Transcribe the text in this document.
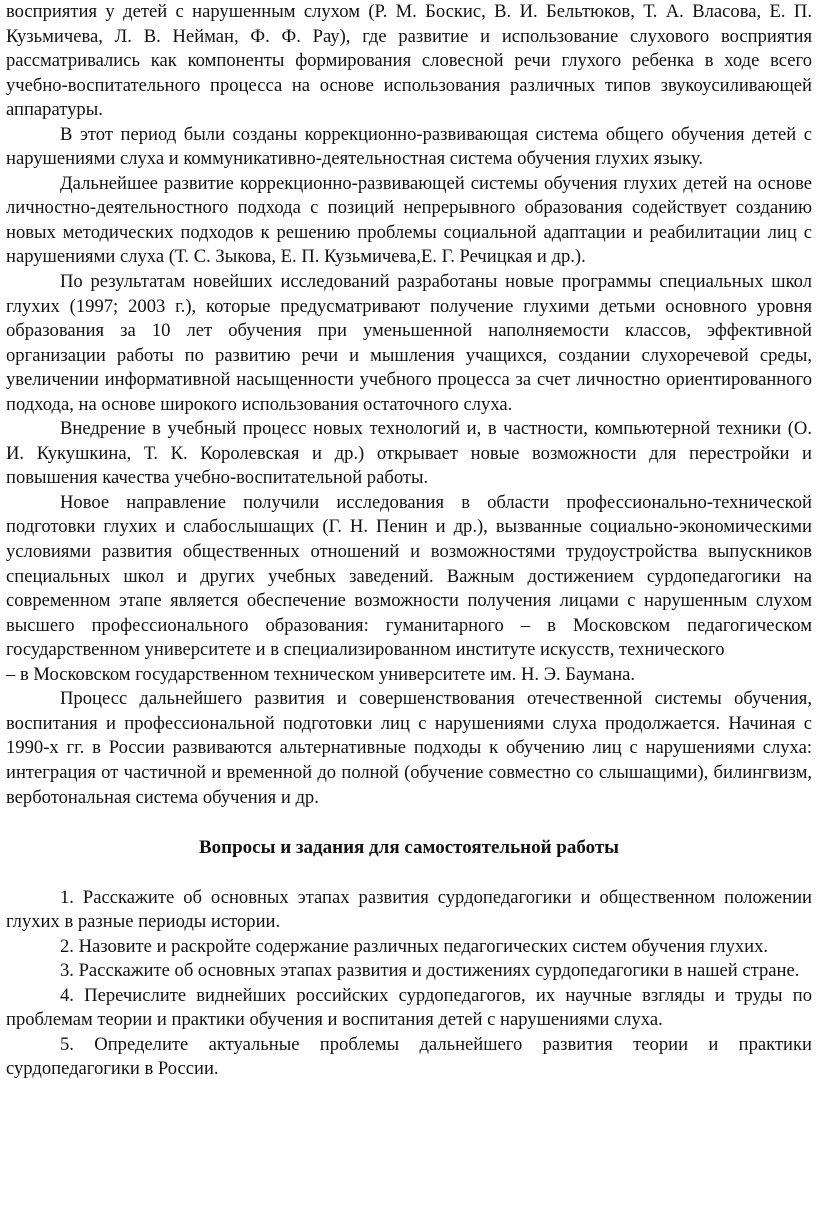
восприятия у детей с нарушенным слухом (Р. М. Боскис, В. И. Бельтюков, Т. А. Власова, Е. П. Кузьмичева, Л. В. Нейман, Ф. Ф. Рау), где развитие и использование слухового восприятия рассматривались как компоненты формирования словесной речи глухого ребенка в ходе всего учебно-воспитательного процесса на основе использования различных типов звукоусиливающей аппаратуры.

В этот период были созданы коррекционно-развивающая система общего обучения детей с нарушениями слуха и коммуникативно-деятельностная система обучения глухих языку.

Дальнейшее развитие коррекционно-развивающей системы обучения глухих детей на основе личностно-деятельностного подхода с позиций непрерывного образования содействует созданию новых методических подходов к решению проблемы социальной адаптации и реабилитации лиц с нарушениями слуха (Т. С. Зыкова, Е. П. Кузьмичева,Е. Г. Речицкая и др.).

По результатам новейших исследований разработаны новые программы специальных школ глухих (1997; 2003 г.), которые предусматривают получение глухими детьми основного уровня образования за 10 лет обучения при уменьшенной наполняемости классов, эффективной организации работы по развитию речи и мышления учащихся, создании слухоречевой среды, увеличении информативной насыщенности учебного процесса за счет личностно ориентированного подхода, на основе широкого использования остаточного слуха.

Внедрение в учебный процесс новых технологий и, в частности, компьютерной техники (О. И. Кукушкина, Т. К. Королевская и др.) открывает новые возможности для перестройки и повышения качества учебно-воспитательной работы.

Новое направление получили исследования в области профессионально-технической подготовки глухих и слабослышащих (Г. Н. Пенин и др.), вызванные социально-экономическими условиями развития общественных отношений и возможностями трудоустройства выпускников специальных школ и других учебных заведений. Важным достижением сурдопедагогики на современном этапе является обеспечение возможности получения лицами с нарушенным слухом высшего профессионального образования: гуманитарного – в Московском педагогическом государственном университете и в специализированном институте искусств, технического

– в Московском государственном техническом университете им. Н. Э. Баумана.

Процесс дальнейшего развития и совершенствования отечественной системы обучения, воспитания и профессиональной подготовки лиц с нарушениями слуха продолжается. Начиная с 1990-х гг. в России развиваются альтернативные подходы к обучению лиц с нарушениями слуха: интеграция от частичной и временной до полной (обучение совместно со слышащими), билингвизм, верботональная система обучения и др.

Вопросы и задания для самостоятельной работы

1. Расскажите об основных этапах развития сурдопедагогики и общественном положении глухих в разные периоды истории.

2. Назовите и раскройте содержание различных педагогических систем обучения глухих.

3. Расскажите об основных этапах развития и достижениях сурдопедагогики в нашей стране.

4. Перечислите виднейших российских сурдопедагогов, их научные взгляды и труды по проблемам теории и практики обучения и воспитания детей с нарушениями слуха.

5. Определите актуальные проблемы дальнейшего развития теории и практики сурдопедагогики в России.
